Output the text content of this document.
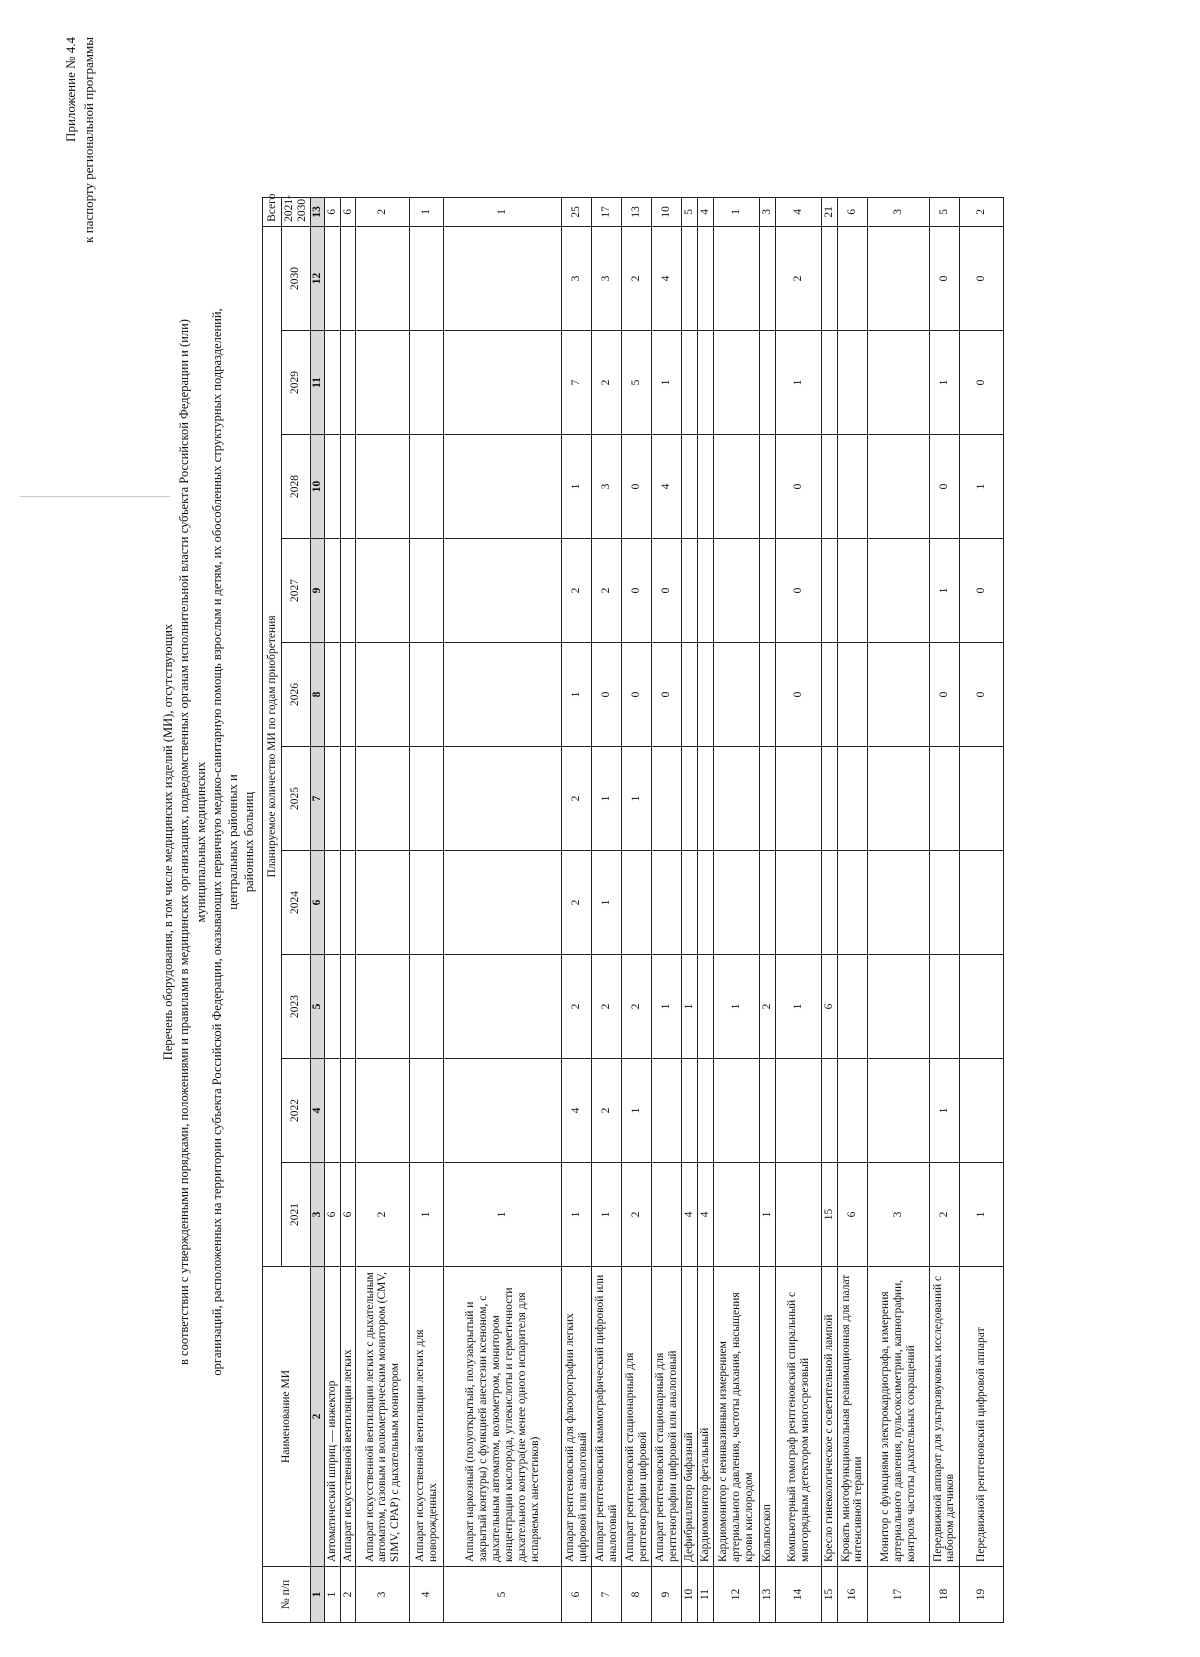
Приложение № 4.4 к паспорту региональной программы

Перечень оборудования, в том числе медицинских изделий (МИ), отсутствующих в соответствии с утвержденными порядками, положениями и правилами в медицинских организациях, подведомственных органам исполнительной власти субъекта Российской Федерации и (или) муниципальных медицинских организаций, расположенных на территории субъекта Российской Федерации, оказывающих первичную медико-санитарную помощь взрослым и детям, их обособленных структурных подразделений, центральных районных и районных больниц

№ п/п	Наименование МИ	Планируемое количество МИ по годам приобретения										Всего
		2021	2022	2023	2024	2025	2026	2027	2028	2029	2030	2021-2030
1	2	3	4	5	6	7	8	9	10	11	12	13
1	Автоматический шприц — инжектор	6										6
2	Аппарат искусственной вентиляции легких	6										6
3	Аппарат искусственной вентиляции легких с дыхательным автоматом, газовым и волюметрическим монитором (CMV, SIMV, CPAP) с дыхательным монитором	2										2
4	Аппарат искусственной вентиляции легких для новорожденных	1										1
5	Аппарат наркозный (полуоткрытый, полузакрытый и закрытый контуры) с функцией анестезии ксеноном, с дыхательным автоматом, волюметром, монитором концентрации кислорода, углекислоты и герметичности дыхательного контура(не менее одного испарителя для испаряемых анестетиков)	1										1
6	Аппарат рентгеновский для флюорографии легких цифровой или аналоговый	1	4	2	2	2	1	2	1	7	3	25
7	Аппарат рентгеновский маммографический цифровой или аналоговый	1	2	2	1	1	0	2	3	2	3	17
8	Аппарат рентгеновский стационарный для рентгенографии цифровой	2	1	2		1	0	0	0	5	2	13
9	Аппарат рентгеновский стационарный для рентгенографии цифровой или аналоговый			1			0	0	4	1	4	10
10	Дефибриллятор бифазный	4		1								5
11	Кардиомонитор фетальный	4										4
12	Кардиомонитор с неинвазивным измерением артериального давления, частоты дыхания, насыщения крови кислородом			1								1
13	Кольпоскоп	1		2								3
14	Компьютерный томограф рентгеновский спиральный с многорядным детектором многосрезовый			1			0	0	0	1	2	4
15	Кресло гинекологическое с осветительной лампой	15		6								21
16	Кровать многофункциональная реанимационная для палат интенсивной терапии	6										6
17	Монитор с функциями электрокардиографа, измерения артериального давления, пульсоксиметрии, капнографии, контроля частоты дыхательных сокращений	3										3
18	Передвижной аппарат для ультразвуковых исследований с набором датчиков	2	1				0	1	0	1	0	5
19	Передвижной рентгеновский цифровой аппарат	1					0	0	1	0	0	2
